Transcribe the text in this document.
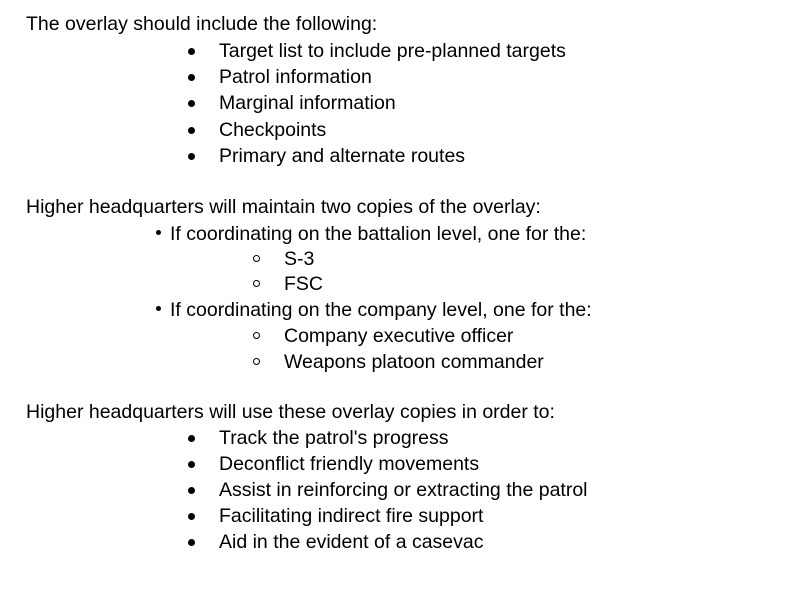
The overlay should include the following:
Target list to include pre-planned targets
Patrol information
Marginal information
Checkpoints
Primary and alternate routes
Higher headquarters will maintain two copies of the overlay:
If coordinating on the battalion level, one for the:
S-3
FSC
If coordinating on the company level, one for the:
Company executive officer
Weapons platoon commander
Higher headquarters will use these overlay copies in order to:
Track the patrol's progress
Deconflict friendly movements
Assist in reinforcing or extracting the patrol
Facilitating indirect fire support
Aid in the evident of a casevac
